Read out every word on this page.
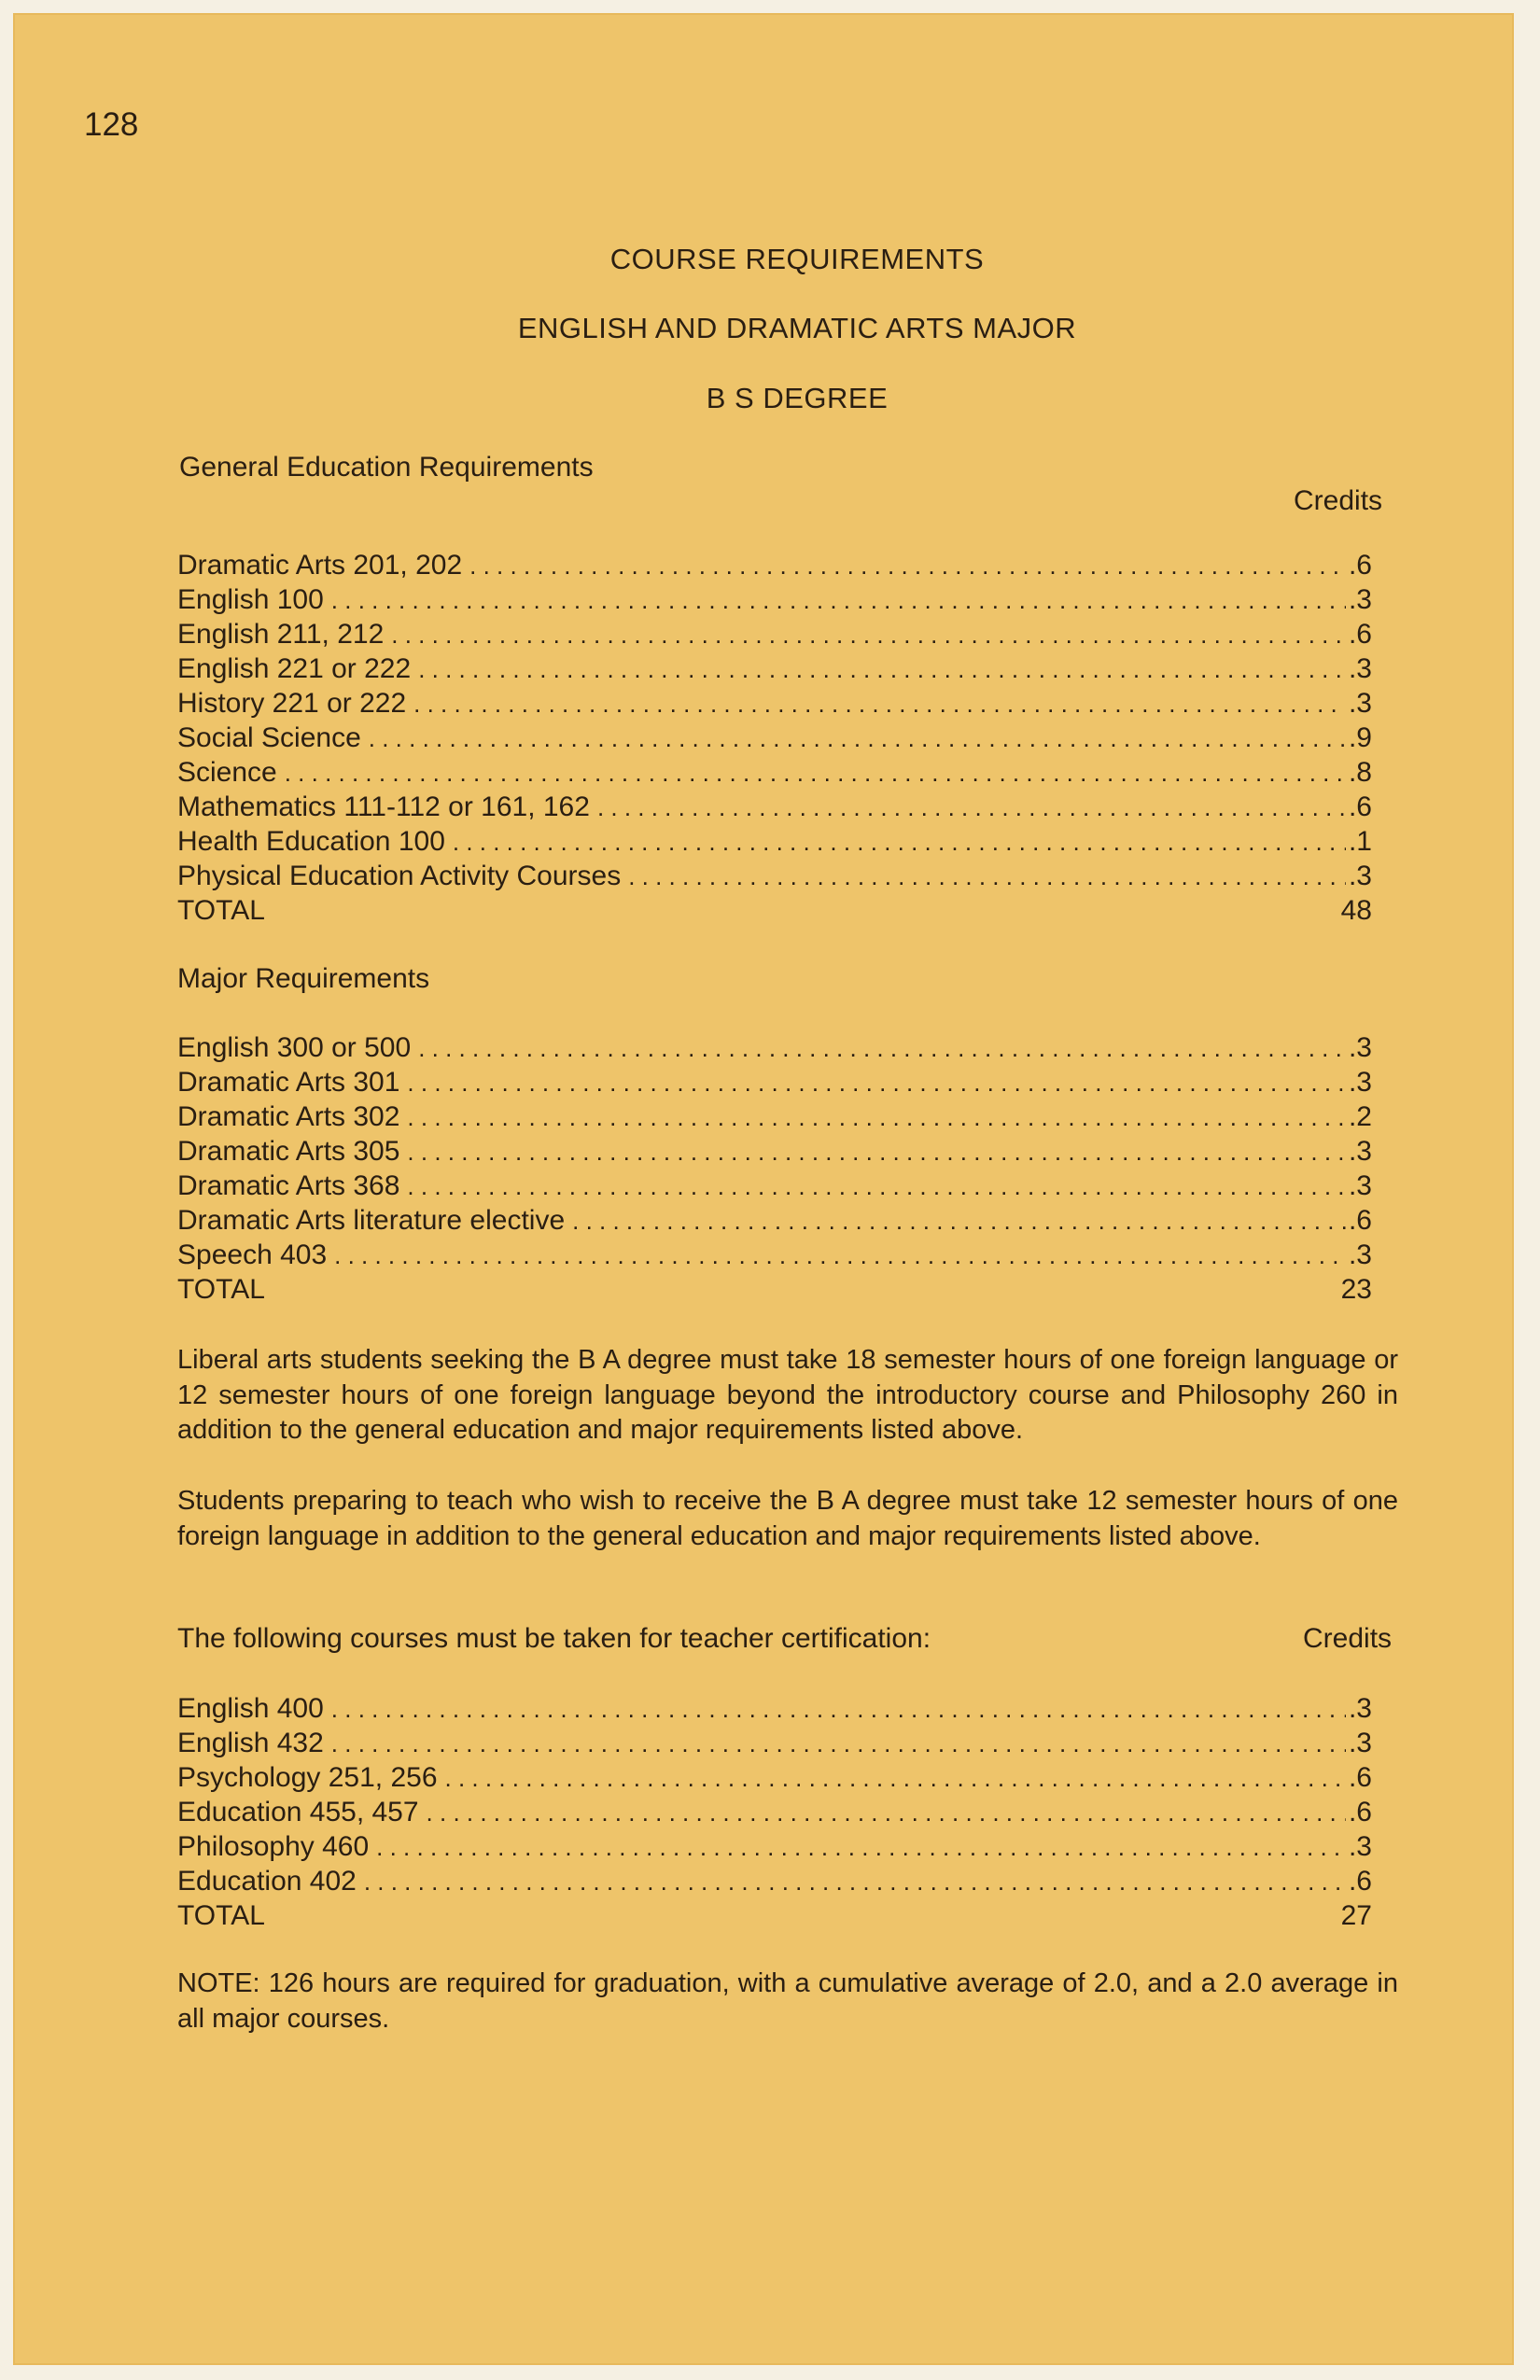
128
COURSE REQUIREMENTS
ENGLISH AND DRAMATIC ARTS MAJOR
B S DEGREE
General Education Requirements
Credits
Dramatic Arts 201, 202 . . .	.6
English 100 . . .	.3
English 211, 212 . . .	.6
English 221 or 222 . . .	.3
History 221 or 222 . . .	.3
Social Science . . .	.9
Science . . .	.8
Mathematics 111-112 or 161, 162 . . .	.6
Health Education 100 . . .	.1
Physical Education Activity Courses . . .	.3
TOTAL	48
Major Requirements
English 300 or 500 . . .	.3
Dramatic Arts 301 . . .	.3
Dramatic Arts 302 . . .	.2
Dramatic Arts 305 . . .	.3
Dramatic Arts 368 . . .	.3
Dramatic Arts literature elective . . .	.6
Speech 403 . . .	.3
TOTAL	23
Liberal arts students seeking the B A degree must take 18 semester hours of one foreign language or 12 semester hours of one foreign language beyond the introductory course and Philosophy 260 in addition to the general education and major requirements listed above.
Students preparing to teach who wish to receive the B A degree must take 12 semester hours of one foreign language in addition to the general education and major requirements listed above.
The following courses must be taken for teacher certification:	Credits
English 400 . . .	.3
English 432 . . .	.3
Psychology 251, 256 . . .	.6
Education 455, 457 . . .	.6
Philosophy 460 . . .	.3
Education 402 . . .	.6
TOTAL	27
NOTE: 126 hours are required for graduation, with a cumulative average of 2.0, and a 2.0 average in all major courses.
